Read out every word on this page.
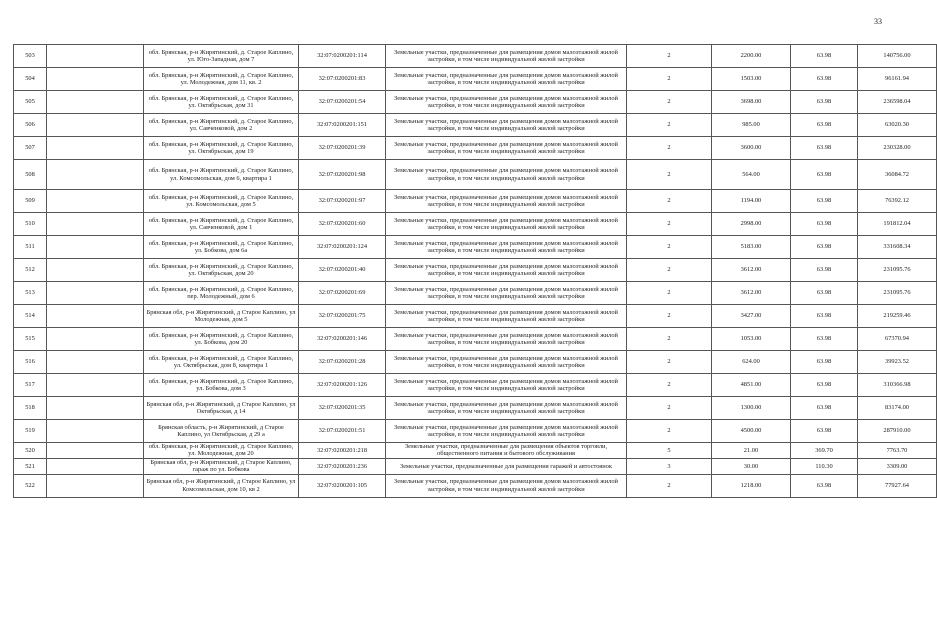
33
503		обл. Брянская, р-н Жирятинский, д. Старое Каплино, ул. Юго-Западная, дом 7	32:07:0200201:114	Земельные участки, предназначенные для размещения домов малоэтажной жилой застройки, в том числе индивидуальной жилой застройки	2	2200.00	63.98	140756.00
504		обл. Брянская, р-н Жирятинский, д. Старое Каплино, ул. Молодежная, дом 11, кв. 2	32:07:0200201:83	Земельные участки, предназначенные для размещения домов малоэтажной жилой застройки, в том числе индивидуальной жилой застройки	2	1503.00	63.98	96161.94
505		обл. Брянская, р-н Жирятинский, д. Старое Каплино, ул. Октябрьская, дом 31	32:07:0200201:54	Земельные участки, предназначенные для размещения домов малоэтажной жилой застройки, в том числе индивидуальной жилой застройки	2	3698.00	63.98	236598.04
506		обл. Брянская, р-н Жирятинский, д. Старое Каплино, ул. Савченковой, дом 2	32:07:0200201:151	Земельные участки, предназначенные для размещения домов малоэтажной жилой застройки, в том числе индивидуальной жилой застройки	2	985.00	63.98	63020.30
507		обл. Брянская, р-н Жирятинский, д. Старое Каплино, ул. Октябрьская, дом 19	32:07:0200201:39	Земельные участки, предназначенные для размещения домов малоэтажной жилой застройки, в том числе индивидуальной жилой застройки	2	3600.00	63.98	230328.00
508		обл. Брянская, р-н Жирятинский, д. Старое Каплино, ул. Комсомольская, дом 6, квартира 1	32:07:0200201:98	Земельные участки, предназначенные для размещения домов малоэтажной жилой застройки, в том числе индивидуальной жилой застройки	2	564.00	63.98	36084.72
509		обл. Брянская, р-н Жирятинский, д. Старое Каплино, ул. Комсомольская, дом 5	32:07:0200201:97	Земельные участки, предназначенные для размещения домов малоэтажной жилой застройки, в том числе индивидуальной жилой застройки	2	1194.00	63.98	76392.12
510		обл. Брянская, р-н Жирятинский, д. Старое Каплино, ул. Савченковой, дом 1	32:07:0200201:60	Земельные участки, предназначенные для размещения домов малоэтажной жилой застройки, в том числе индивидуальной жилой застройки	2	2998.00	63.98	191812.04
511		обл. Брянская, р-н Жирятинский, д. Старое Каплино, ул. Бобкова, дом 6а	32:07:0200201:124	Земельные участки, предназначенные для размещения домов малоэтажной жилой застройки, в том числе индивидуальной жилой застройки	2	5183.00	63.98	331608.34
512		обл. Брянская, р-н Жирятинский, д. Старое Каплино, ул. Октябрьская, дом 20	32:07:0200201:40	Земельные участки, предназначенные для размещения домов малоэтажной жилой застройки, в том числе индивидуальной жилой застройки	2	3612.00	63.98	231095.76
513		обл. Брянская, р-н Жирятинский, д. Старое Каплино, пер. Молодежный, дом 6	32:07:0200201:69	Земельные участки, предназначенные для размещения домов малоэтажной жилой застройки, в том числе индивидуальной жилой застройки	2	3612.00	63.98	231095.76
514		Брянская обл, р-н Жирятинский, д Старое Каплино, ул Молодежная, дом 5	32:07:0200201:75	Земельные участки, предназначенные для размещения домов малоэтажной жилой застройки, в том числе индивидуальной жилой застройки	2	3427.00	63.98	219259.46
515		обл. Брянская, р-н Жирятинский, д. Старое Каплино, ул. Бобкова, дом 20	32:07:0200201:146	Земельные участки, предназначенные для размещения домов малоэтажной жилой застройки, в том числе индивидуальной жилой застройки	2	1053.00	63.98	67370.94
516		обл. Брянская, р-н Жирятинский, д. Старое Каплино, ул. Октябрьская, дом 8, квартира 1	32:07:0200201:28	Земельные участки, предназначенные для размещения домов малоэтажной жилой застройки, в том числе индивидуальной жилой застройки	2	624.00	63.98	39923.52
517		обл. Брянская, р-н Жирятинский, д. Старое Каплино, ул. Бобкова, дом 3	32:07:0200201:126	Земельные участки, предназначенные для размещения домов малоэтажной жилой застройки, в том числе индивидуальной жилой застройки	2	4851.00	63.98	310366.98
518		Брянская обл, р-н Жирятинский, д Старое Каплино, ул Октябрьская, д 14	32:07:0200201:35	Земельные участки, предназначенные для размещения домов малоэтажной жилой застройки, в том числе индивидуальной жилой застройки	2	1300.00	63.98	83174.00
519		Брянская область, р-н Жирятинский, д Старое Каплино, ул Октябрьская, д 29 а	32:07:0200201:51	Земельные участки, предназначенные для размещения домов малоэтажной жилой застройки, в том числе индивидуальной жилой застройки	2	4500.00	63.98	287910.00
520		обл. Брянская, р-н Жирятинский, д. Старое Каплино, ул. Молодежная, дом 20	32:07:0200201:218	Земельные участки, предназначенные для размещения объектов торговли, общественного питания и бытового обслуживания	5	21.00	369.70	7763.70
521		Брянская обл, р-н Жирятинский, д Старое Каплино, гараж по ул. Бобкова	32:07:0200201:236	Земельные участки, предназначенные для размещения гаражей и автостоянок	3	30.00	110.30	3309.00
522		Брянская обл, р-н Жирятинский, д Старое Каплино, ул Комсомольская, дом 10, кв 2	32:07:0200201:105	Земельные участки, предназначенные для размещения домов малоэтажной жилой застройки, в том числе индивидуальной жилой застройки	2	1218.00	63.98	77927.64
